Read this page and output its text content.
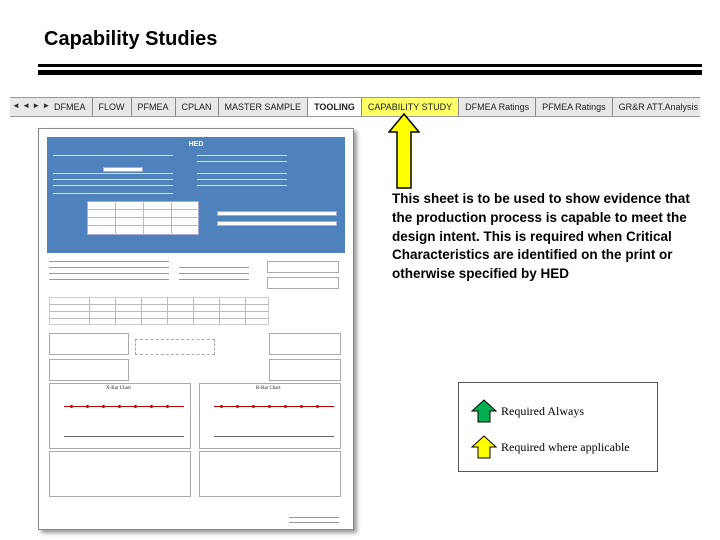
Capability Studies
◄ ◄ ► ► DFMEA	FLOW	PFMEA	CPLAN	MASTER SAMPLE	TOOLING	CAPABILITY STUDY	DFMEA Ratings	PFMEA Ratings	GR&R ATT.Analysis
HED
X-Bar Chart	R-Bar Chart
This sheet is to be used to show evidence that the production process is capable to meet the design intent. This is required when Critical Characteristics are identified on the print or otherwise specified by HED
Required Always
Required where applicable
